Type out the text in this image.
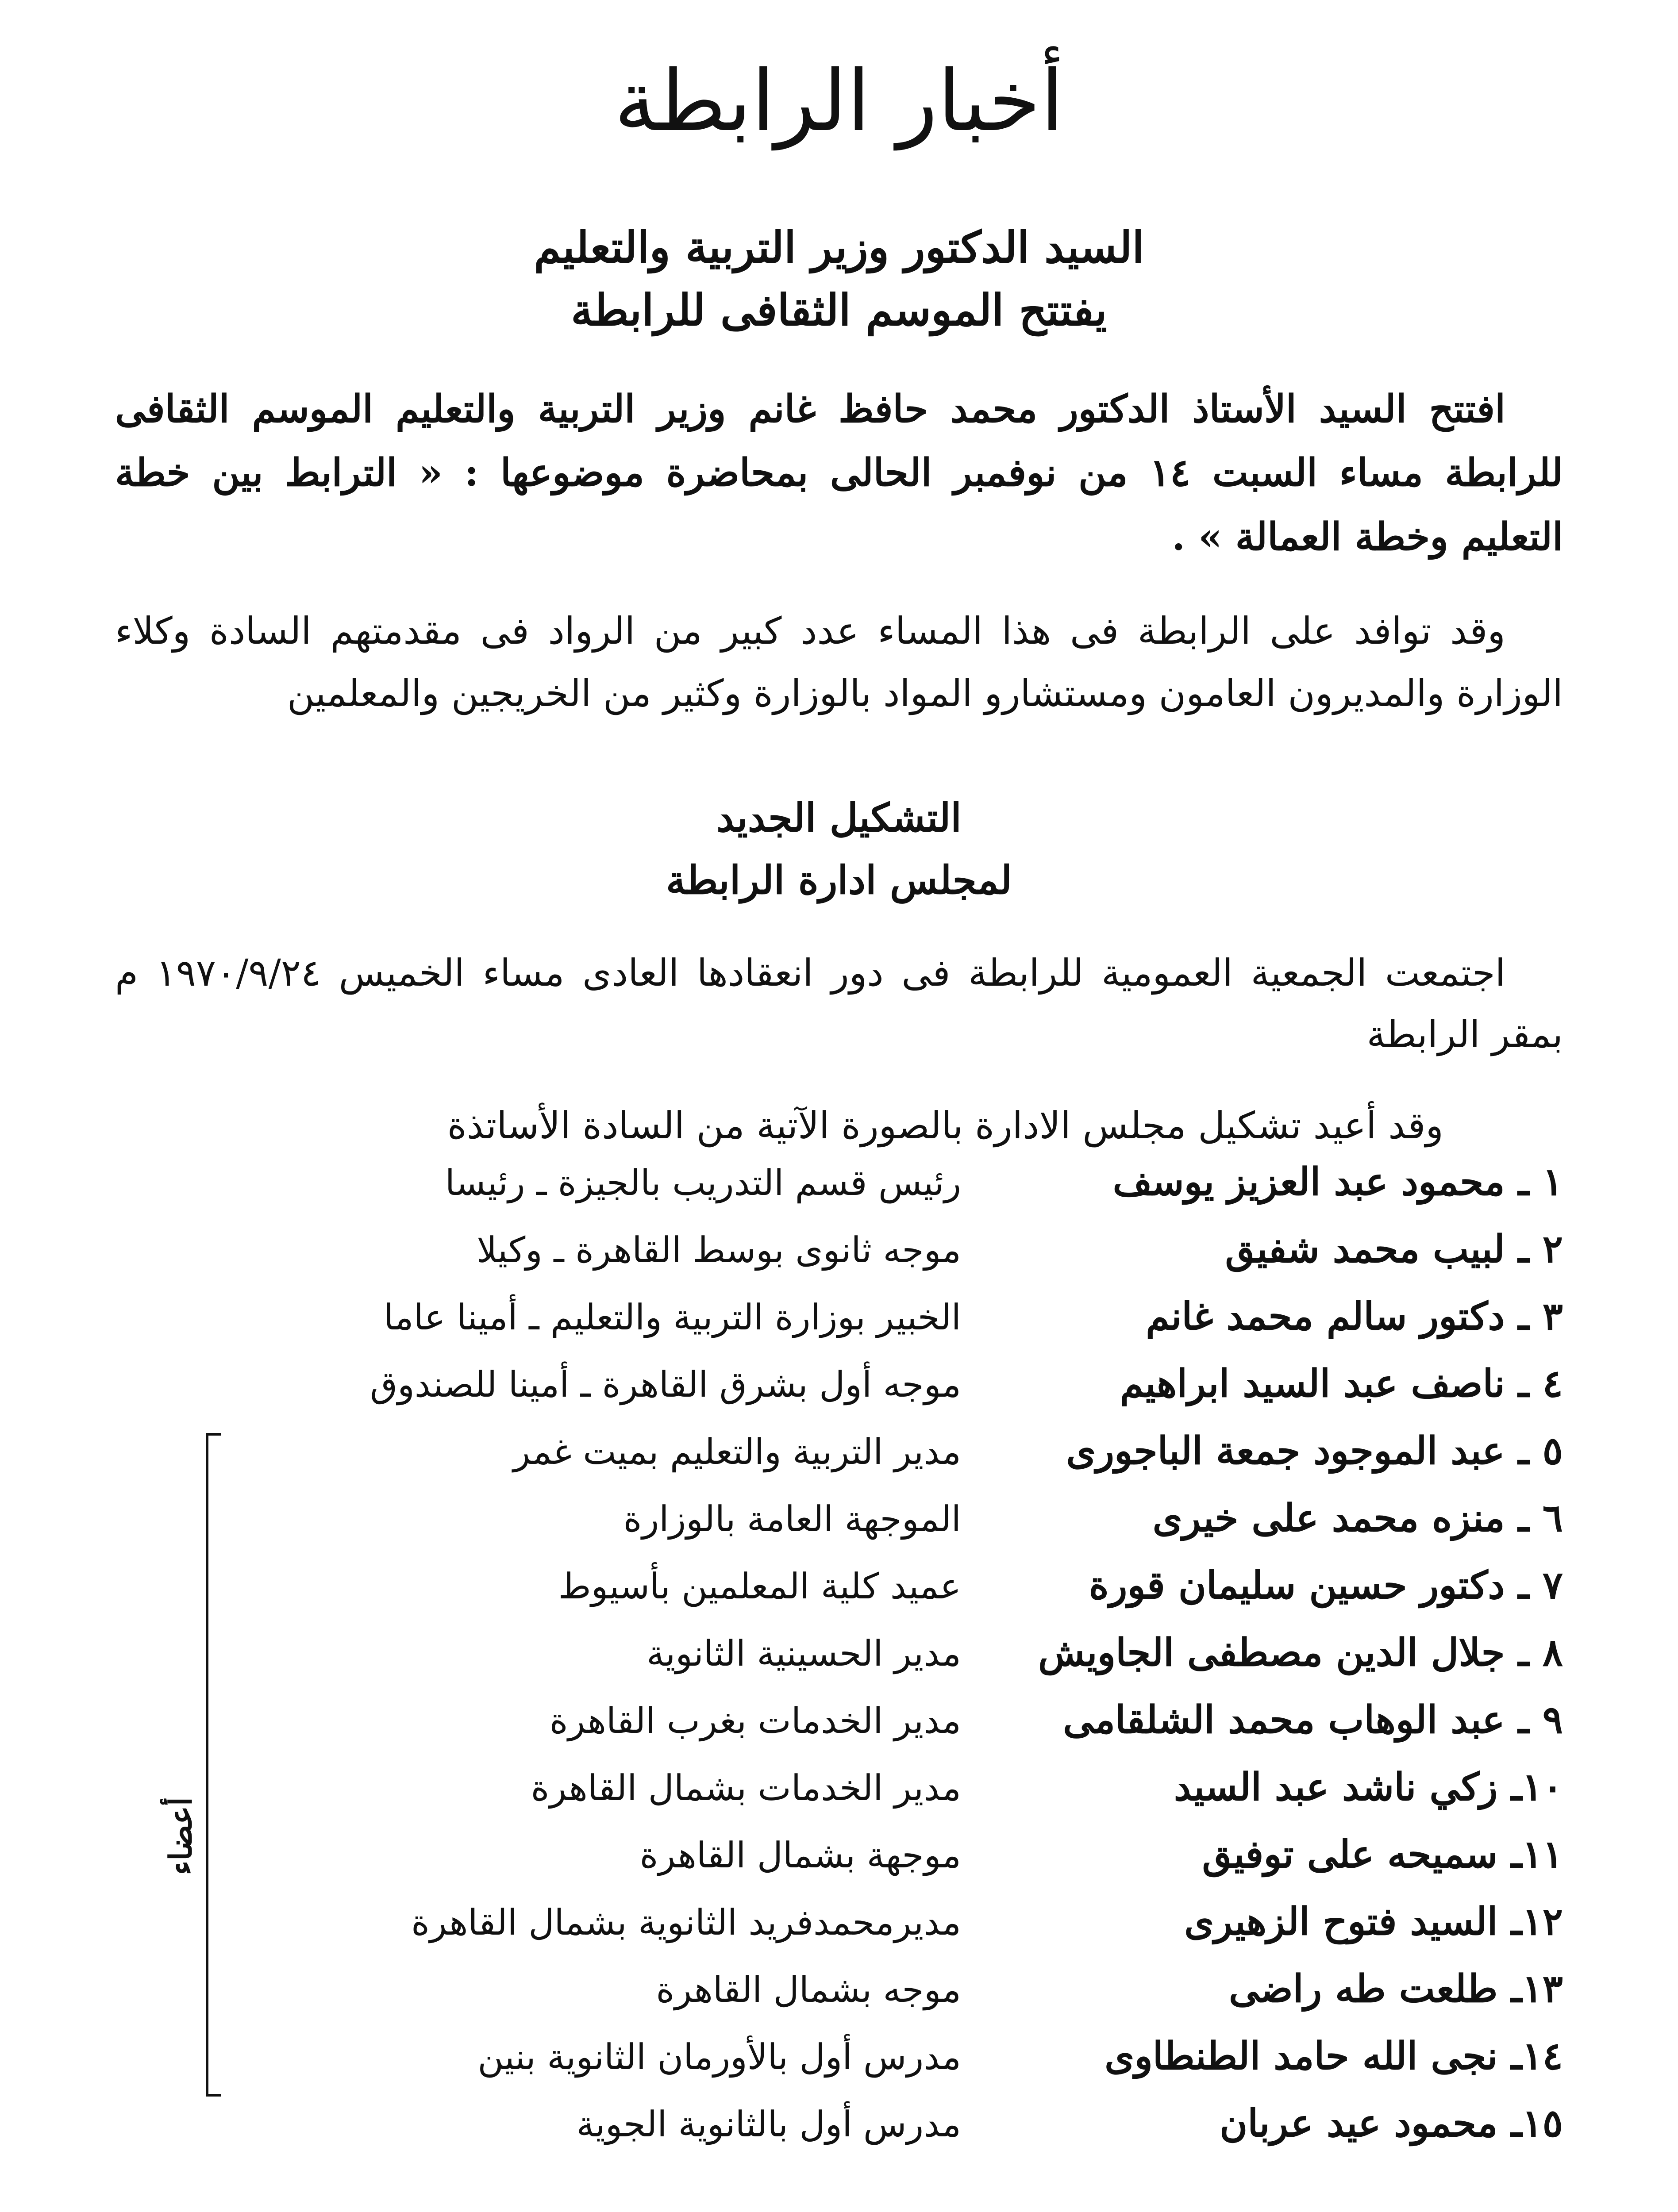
أخبار الرابطة

السيد الدكتور وزير التربية والتعليم

يفتتح الموسم الثقافى للرابطة

افتتح السيد الأستاذ الدكتور محمد حافظ غانم وزير التربية والتعليم الموسم الثقافى للرابطة مساء السبت ١٤ من نوفمبر الحالى بمحاضرة موضوعها : « الترابط بين خطة التعليم وخطة العمالة » .

وقد توافد على الرابطة فى هذا المساء عدد كبير من الرواد فى مقدمتهم السادة وكلاء الوزارة والمديرون العامون ومستشارو المواد بالوزارة وكثير من الخريجين والمعلمين

التشكيل الجديد

لمجلس ادارة الرابطة

اجتمعت الجمعية العمومية للرابطة فى دور انعقادها العادى مساء الخميس ١٩٧٠/٩/٢٤ م بمقر الرابطة

وقد أعيد تشكيل مجلس الادارة بالصورة الآتية من السادة الأساتذة

١ ـ محمود عبد العزيز يوسف
رئيس قسم التدريب بالجيزة ـ رئيسا
٢ ـ لبيب محمد شفيق
موجه ثانوى بوسط القاهرة ـ وكيلا
٣ ـ دكتور سالم محمد غانم
الخبير بوزارة التربية والتعليم ـ أمينا عاما
٤ ـ ناصف عبد السيد ابراهيم
موجه أول بشرق القاهرة ـ أمينا للصندوق
٥ ـ عبد الموجود جمعة الباجورى
مدير التربية والتعليم بميت غمر
٦ ـ منزه محمد على خيرى
الموجهة العامة بالوزارة
٧ ـ دكتور حسين سليمان قورة
عميد كلية المعلمين بأسيوط
٨ ـ جلال الدين مصطفى الجاويش
مدير الحسينية الثانوية
٩ ـ عبد الوهاب محمد الشلقامى
مدير الخدمات بغرب القاهرة
١٠ـ زكي ناشد عبد السيد
مدير الخدمات بشمال القاهرة
١١ـ سميحه على توفيق
موجهة بشمال القاهرة
١٢ـ السيد فتوح الزهيرى
مديرمحمدفريد الثانوية بشمال القاهرة
١٣ـ طلعت طه راضى
موجه بشمال القاهرة
١٤ـ نجى الله حامد الطنطاوى
مدرس أول بالأورمان الثانوية بنين
١٥ـ محمود عيد عربان
مدرس أول بالثانوية الجوية
أعضاء
